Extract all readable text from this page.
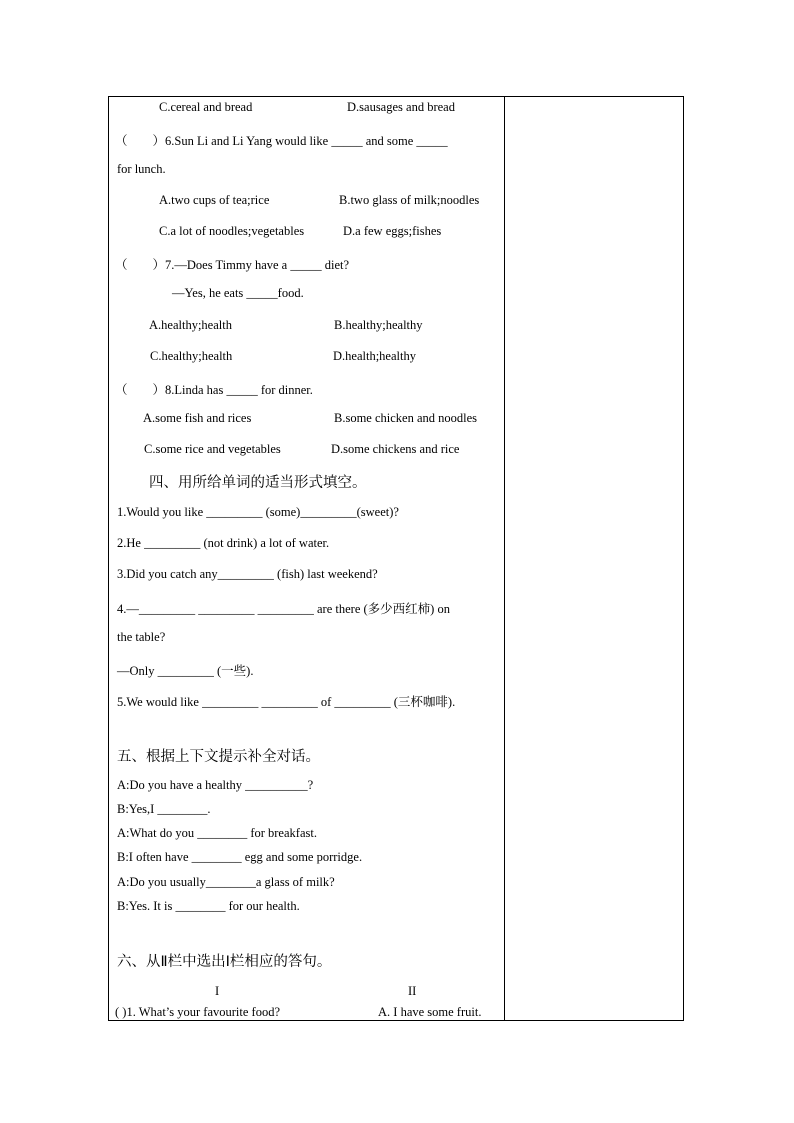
C.cereal and bread	D.sausages and bread
（　　）6.Sun Li and Li Yang would like _____ and some _____
for lunch.
A.two cups of tea;rice	B.two glass of milk;noodles
C.a lot of noodles;vegetables	D.a few eggs;fishes
（　　）7.—Does Timmy have a _____ diet?
—Yes, he eats _____food.
A.healthy;health	B.healthy;healthy
C.healthy;health	D.health;healthy
（　　）8.Linda has _____ for dinner.
A.some fish and rices	B.some chicken and noodles
C.some rice and vegetables	D.some chickens and rice
四、用所给单词的适当形式填空。
1.Would you like _________ (some)_________(sweet)?
2.He _________ (not drink) a lot of water.
3.Did you catch any_________ (fish) last weekend?
4.—_________ _________ _________ are there (多少西红柿) on
the table?
—Only _________ (一些).
5.We would like _________ _________ of _________ (三杯咖啡).
五、根据上下文提示补全对话。
A:Do you have a healthy __________?
B:Yes,I ________.
A:What do you ________ for breakfast.
B:I often have ________ egg and some porridge.
A:Do you usually________a glass of milk?
B:Yes. It is ________ for our health.
六、从Ⅱ栏中选出Ⅰ栏相应的答句。
I	II
( )1. What’s your favourite food?	A. I have some fruit.
